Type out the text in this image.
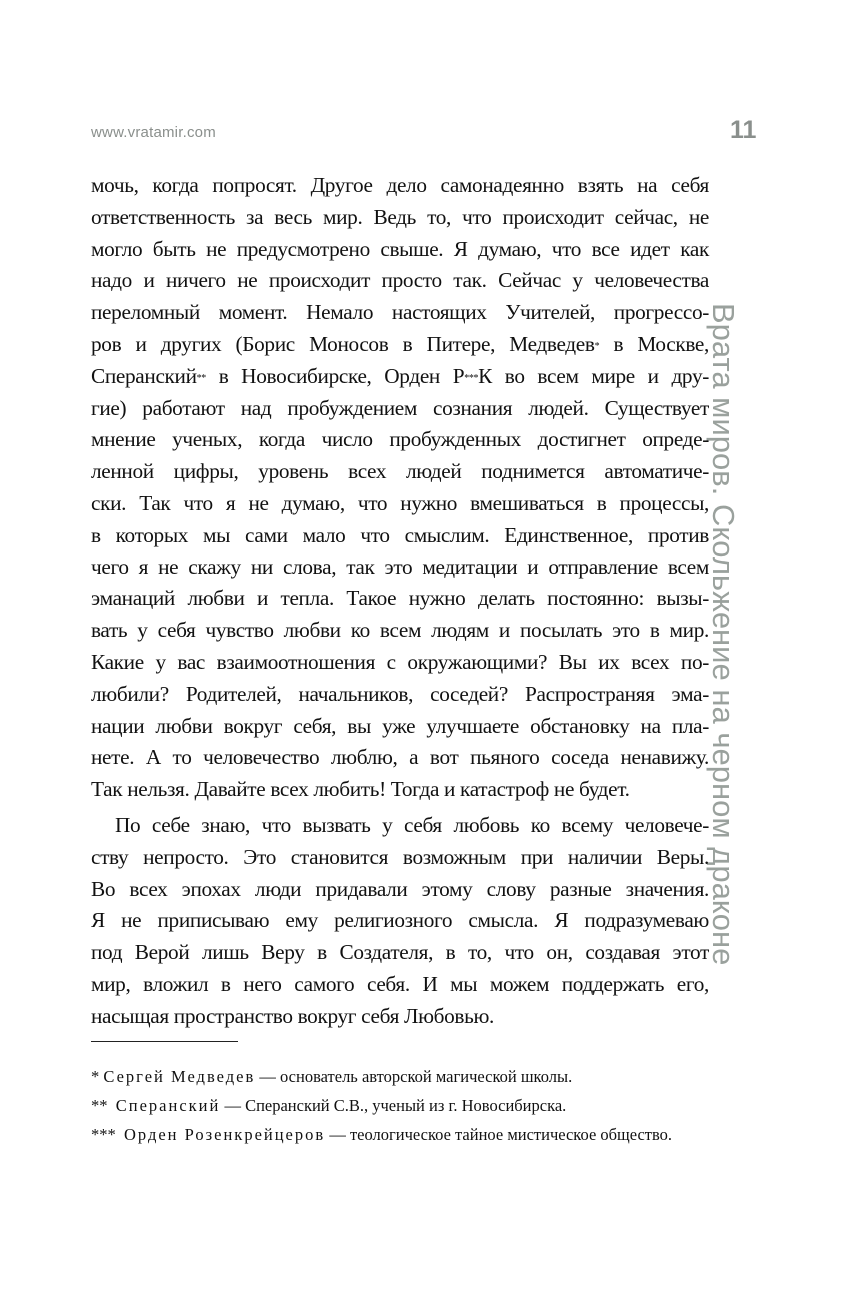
www.vratamir.com	11
Врата миров. Скольжение на черном драконе
мочь, когда попросят. Другое дело самонадеянно взять на себя
ответственность за весь мир. Ведь то, что происходит сейчас, не
могло быть не предусмотрено свыше. Я думаю, что все идет как
надо и ничего не происходит просто так. Сейчас у человечества
переломный момент. Немало настоящих Учителей, прогрессо-
ров и других (Борис Моносов в Питере, Медведев* в Москве,
Сперанский** в Новосибирске, Орден Р***К во всем мире и дру-
гие) работают над пробуждением сознания людей. Существует
мнение ученых, когда число пробужденных достигнет опреде-
ленной цифры, уровень всех людей поднимется автоматиче-
ски. Так что я не думаю, что нужно вмешиваться в процессы,
в которых мы сами мало что смыслим. Единственное, против
чего я не скажу ни слова, так это медитации и отправление всем
эманаций любви и тепла. Такое нужно делать постоянно: вызы-
вать у себя чувство любви ко всем людям и посылать это в мир.
Какие у вас взаимоотношения с окружающими? Вы их всех по-
любили? Родителей, начальников, соседей? Распространяя эма-
нации любви вокруг себя, вы уже улучшаете обстановку на пла-
нете. А то человечество люблю, а вот пьяного соседа ненавижу.
Так нельзя. Давайте всех любить! Тогда и катастроф не будет.
По себе знаю, что вызвать у себя любовь ко всему человече-
ству непросто. Это становится возможным при наличии Веры.
Во всех эпохах люди придавали этому слову разные значения.
Я не приписываю ему религиозного смысла. Я подразумеваю
под Верой лишь Веру в Создателя, в то, что он, создавая этот
мир, вложил в него самого себя. И мы можем поддержать его,
насыщая пространство вокруг себя Любовью.
* Сергей Медведев — основатель авторской магической школы.
** Сперанский — Сперанский С.В., ученый из г. Новосибирска.
*** Орден Розенкрейцеров — теологическое тайное мистическое общество.
